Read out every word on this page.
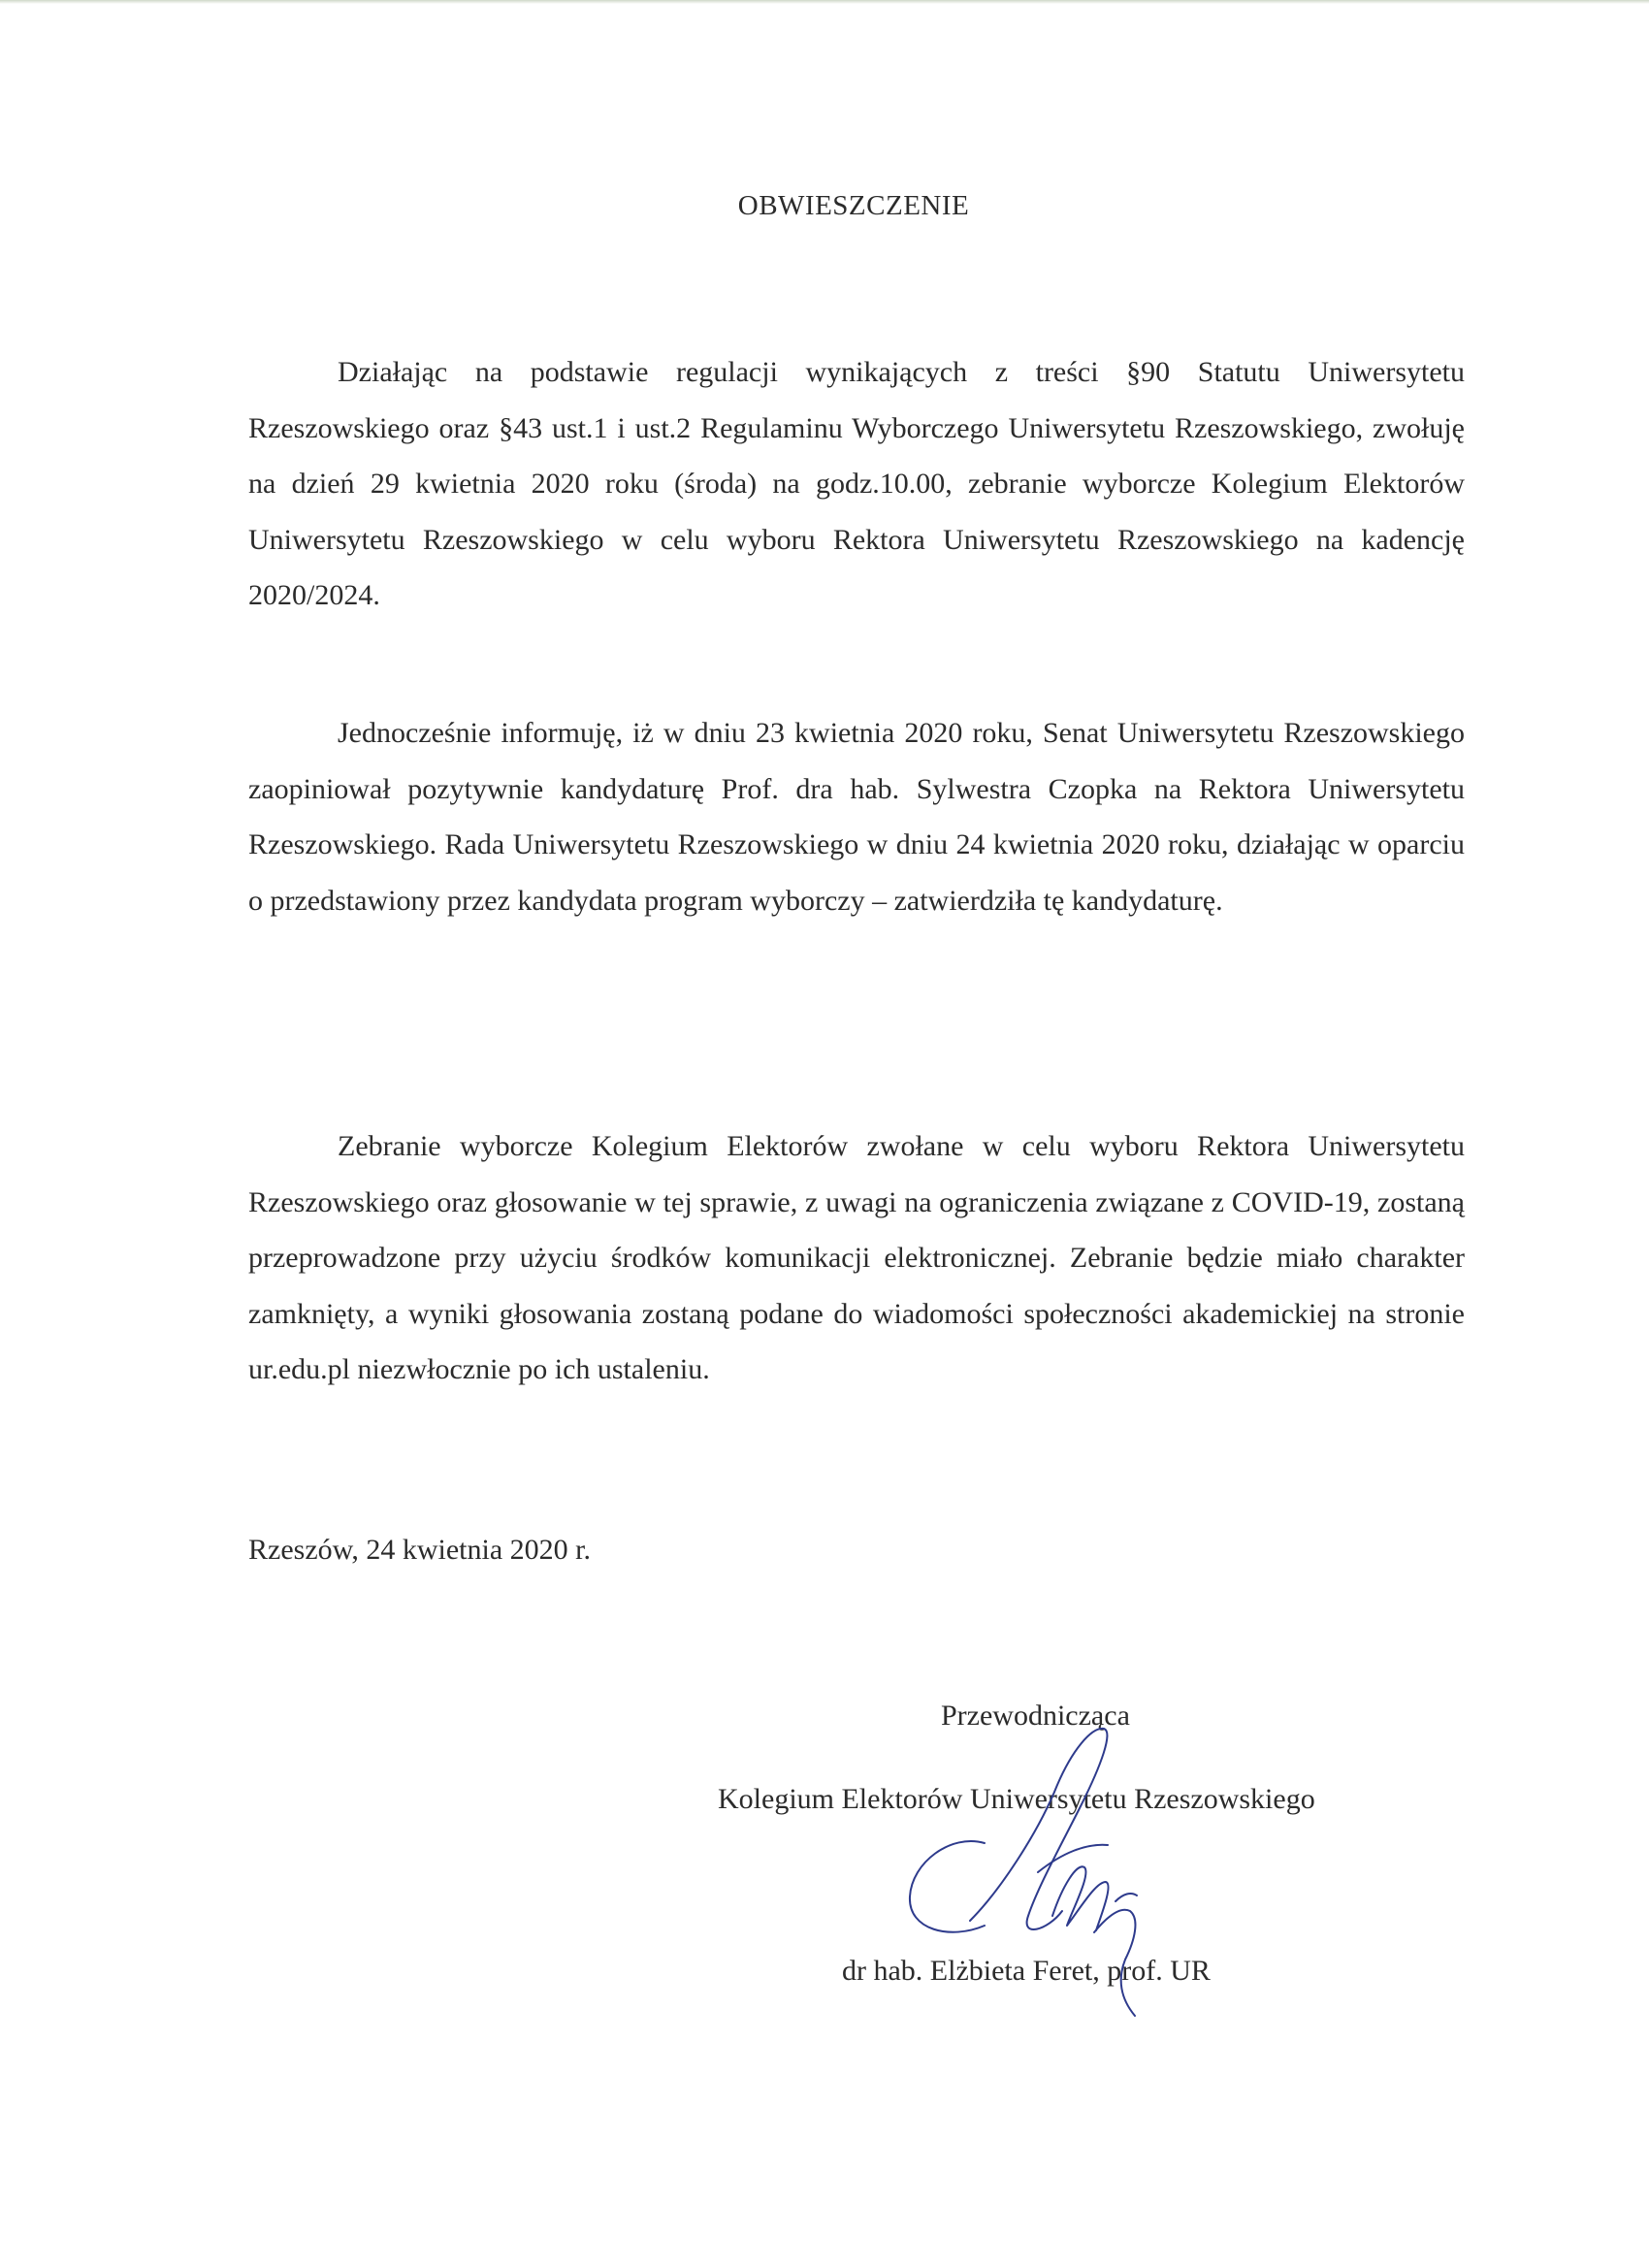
OBWIESZCZENIE

Działając na podstawie regulacji wynikających z treści §90 Statutu Uniwersytetu Rzeszowskiego oraz §43 ust.1 i ust.2 Regulaminu Wyborczego Uniwersytetu Rzeszowskiego, zwołuję na dzień 29 kwietnia 2020 roku (środa) na godz.10.00, zebranie wyborcze Kolegium Elektorów Uniwersytetu Rzeszowskiego w celu wyboru Rektora Uniwersytetu Rzeszowskiego na kadencję 2020/2024.

Jednocześnie informuję, iż w dniu 23 kwietnia 2020 roku, Senat Uniwersytetu Rzeszowskiego zaopiniował pozytywnie kandydaturę Prof. dra hab. Sylwestra Czopka na Rektora Uniwersytetu Rzeszowskiego. Rada Uniwersytetu Rzeszowskiego w dniu 24 kwietnia 2020 roku, działając w oparciu o przedstawiony przez kandydata program wyborczy – zatwierdziła tę kandydaturę.

Zebranie wyborcze Kolegium Elektorów zwołane w celu wyboru Rektora Uniwersytetu Rzeszowskiego oraz głosowanie w tej sprawie, z uwagi na ograniczenia związane z COVID-19, zostaną przeprowadzone przy użyciu środków komunikacji elektronicznej. Zebranie będzie miało charakter zamknięty, a wyniki głosowania zostaną podane do wiadomości społeczności akademickiej na stronie ur.edu.pl niezwłocznie po ich ustaleniu.

Rzeszów, 24 kwietnia 2020 r.
Przewodnicząca
Kolegium Elektorów Uniwersytetu Rzeszowskiego
dr hab. Elżbieta Feret, prof. UR
